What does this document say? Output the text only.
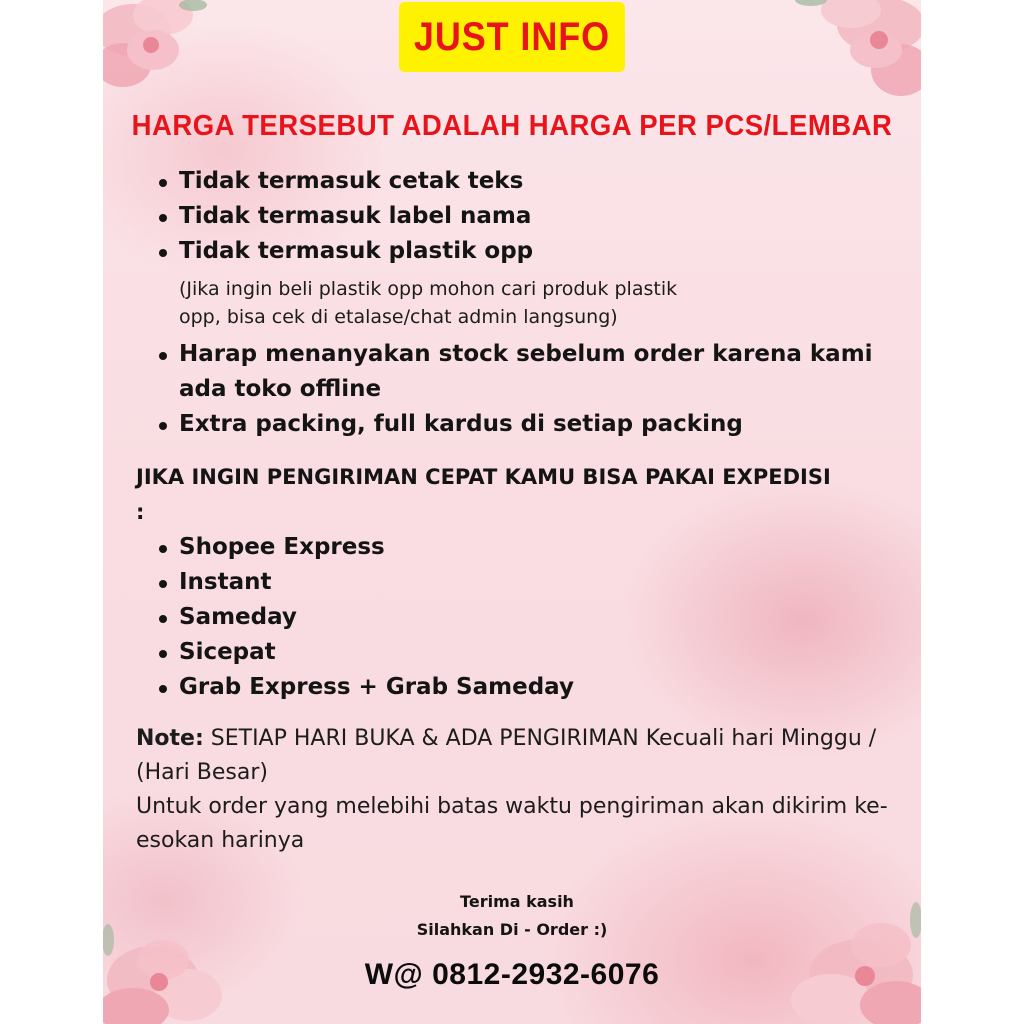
JUST INFO
HARGA TERSEBUT ADALAH HARGA PER PCS/LEMBAR
Tidak termasuk cetak teks
Tidak termasuk label nama
Tidak termasuk plastik opp
(Jika ingin beli plastik opp mohon cari produk plastik
opp, bisa cek di etalase/chat admin langsung)
Harap menanyakan stock sebelum order karena kami ada toko offline
Extra packing, full kardus di setiap packing
JIKA INGIN PENGIRIMAN CEPAT KAMU BISA PAKAI EXPEDISI :
Shopee Express
Instant
Sameday
Sicepat
Grab Express + Grab Sameday
Note: SETIAP HARI BUKA & ADA PENGIRIMAN Kecuali hari Minggu / (Hari Besar)
Untuk order yang melebihi batas waktu pengiriman akan dikirim ke-esokan harinya
Terima kasih
Silahkan Di - Order :)
W@ 0812-2932-6076
